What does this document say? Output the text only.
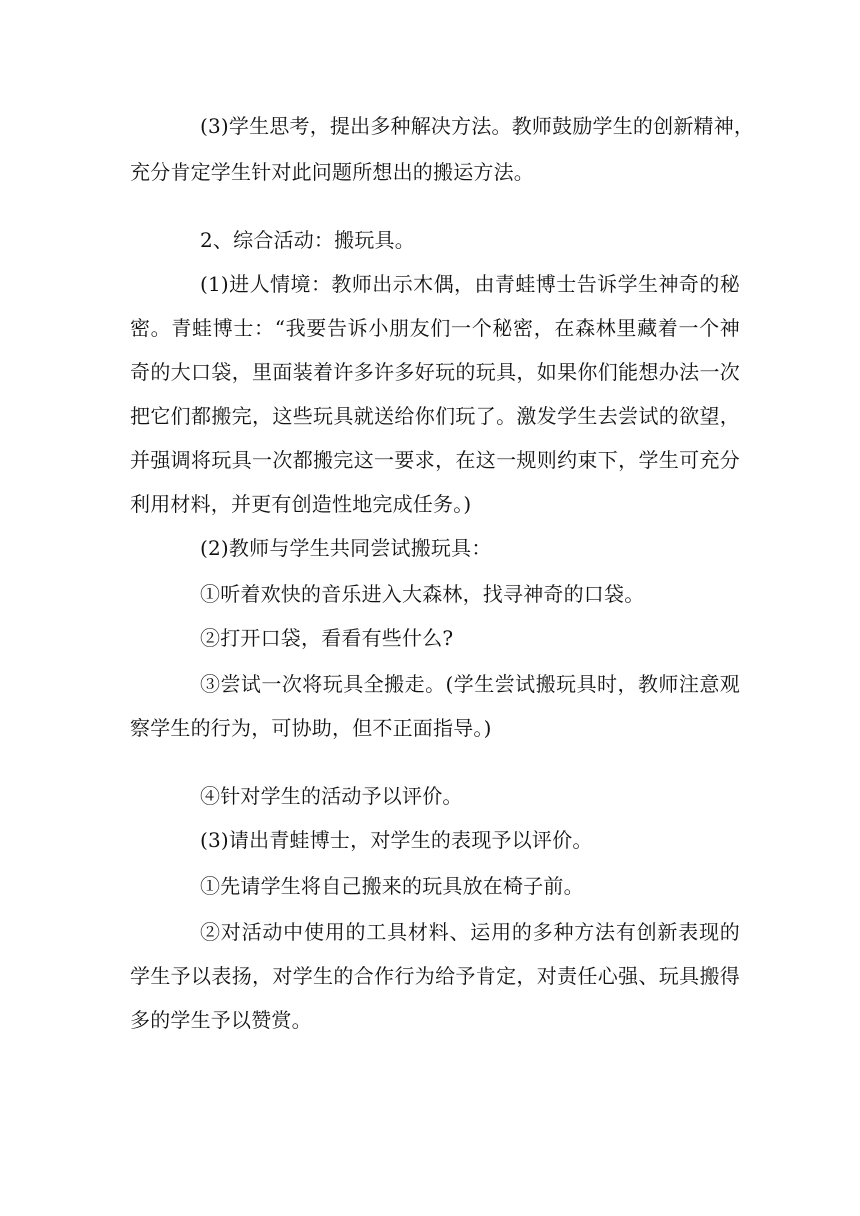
(3)学生思考，提出多种解决方法。教师鼓励学生的创新精神，
充分肯定学生针对此问题所想出的搬运方法。
2、综合活动：搬玩具。
(1)进人情境：教师出示木偶，由青蛙博士告诉学生神奇的秘
密。青蛙博士：“我要告诉小朋友们一个秘密，在森林里藏着一个神
奇的大口袋，里面装着许多许多好玩的玩具，如果你们能想办法一次
把它们都搬完，这些玩具就送给你们玩了。激发学生去尝试的欲望，
并强调将玩具一次都搬完这一要求，在这一规则约束下，学生可充分
利用材料，并更有创造性地完成任务。)
(2)教师与学生共同尝试搬玩具：
①听着欢快的音乐进入大森林，找寻神奇的口袋。
②打开口袋，看看有些什么?
③尝试一次将玩具全搬走。(学生尝试搬玩具时，教师注意观
察学生的行为，可协助，但不正面指导。)
④针对学生的活动予以评价。
(3)请出青蛙博士，对学生的表现予以评价。
①先请学生将自己搬来的玩具放在椅子前。
②对活动中使用的工具材料、运用的多种方法有创新表现的
学生予以表扬，对学生的合作行为给予肯定，对责任心强、玩具搬得
多的学生予以赞赏。
